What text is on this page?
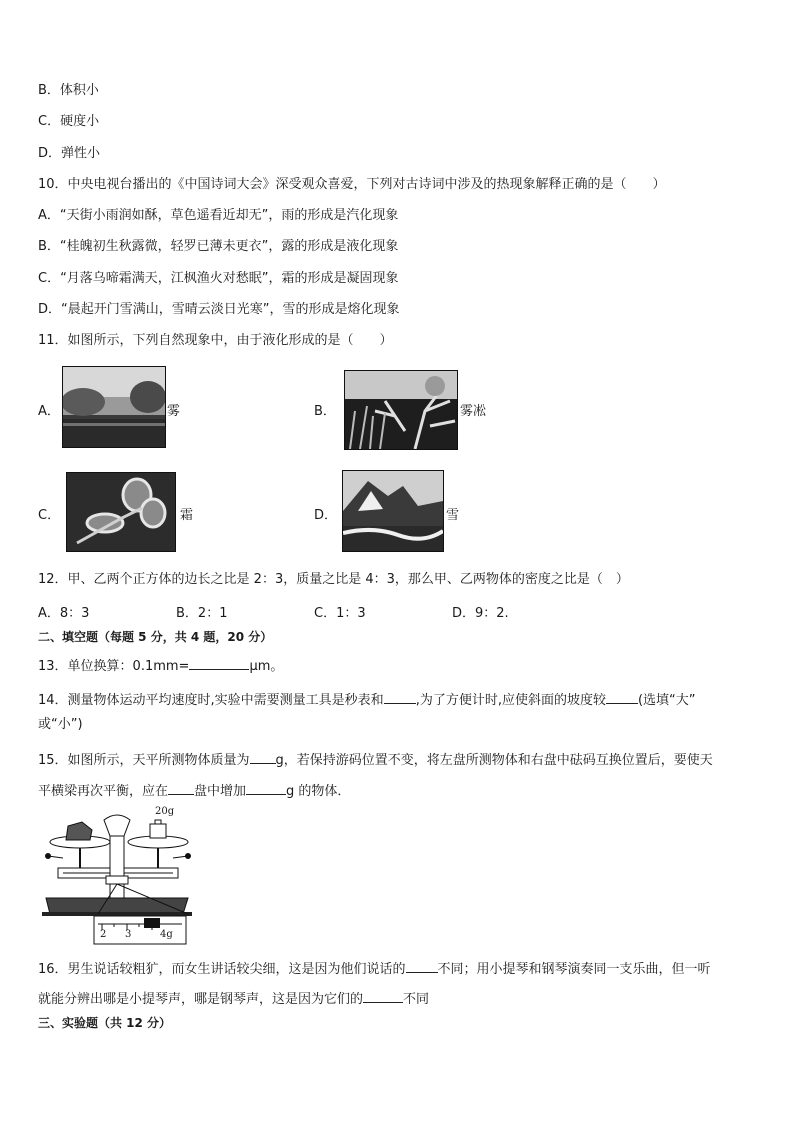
B．体积小
C．硬度小
D．弹性小
10．中央电视台播出的《中国诗词大会》深受观众喜爱，下列对古诗词中涉及的热现象解释正确的是（　　）
A．“天街小雨润如酥，草色遥看近却无”，雨的形成是汽化现象
B．“桂魄初生秋露微，轻罗已薄未更衣”，露的形成是液化现象
C．“月落乌啼霜满天，江枫渔火对愁眠”，霜的形成是凝固现象
D．“晨起开门雪满山，雪晴云淡日光寒”，雪的形成是熔化现象
11．如图所示，下列自然现象中，由于液化形成的是（　　）
A．	雾	B．	雾凇
C．	霜	D．	雪
12．甲、乙两个正方体的边长之比是 2：3，质量之比是 4：3，那么甲、乙两物体的密度之比是（　）
A．8：3	B．2：1	C．1：3	D．9：2.
二、填空题（每题 5 分，共 4 题，20 分）
13．单位换算：0.1mm=	μm。
14．测量物体运动平均速度时,实验中需要测量工具是秒表和 ,为了方便计时,应使斜面的坡度较 (选填“大”
或“小”)
15．如图所示，天平所测物体质量为 g，若保持游码位置不变，将左盘所测物体和右盘中砝码互换位置后，要使天
平横梁再次平衡，应在 盘中增加	g 的物体．
20g
2 3	4g
16．男生说话较粗犷，而女生讲话较尖细，这是因为他们说话的 不同；用小提琴和钢琴演奏同一支乐曲，但一听
就能分辨出哪是小提琴声，哪是钢琴声，这是因为它们的	不同
三、实验题（共 12 分）
